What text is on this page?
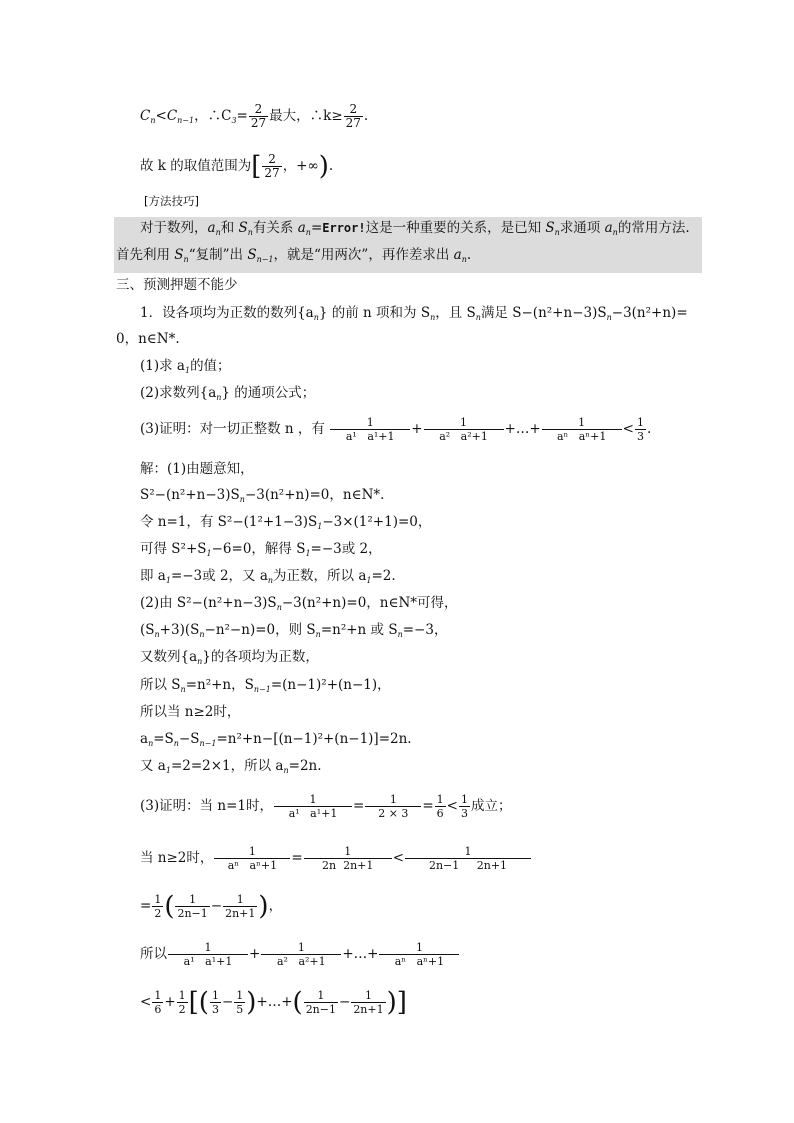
$C_n<C_{n-1}$，$\therefore C_3= \frac{2}{27}$ 最大，∴k≥ $\frac{2}{27}$ .
故 k 的取值范围为[ $\frac{2}{27}$ ，+∞).
[方法技巧]
对于数列，$a_n$和 $S_n$有关系 $a_n=Error$!这是一种重要的关系，是已知 $S_n$求通项 $a_n$的常用方法.
首先利用 $S_n“$复制”出 $S_{n-1}$，就是“用两次”，再作差求出 $a_n$.
三、预测押题不能少
1．设各项均为正数的数列$\{a_n\}$ 的前 n 项和为 $S_n$，且 $S_n$满足 $S-(n^2+n-3)S_n-3(n^2+n)=$
0，n∈N*.
(1)求 $a_1$的值；
(2)求数列$\{a_n\}$ 的通项公式；
(3)证明：对一切正整数 n ，有 $\frac{1}{\text{a¹ a¹+1}} + \frac{1}{\text{a² a²+1}}$ +…+ $\frac{1}{\text{aⁿ aⁿ+1}} < \frac{1}{3}$ .
解：(1)由题意知，
$S^2-(n^2+n-3)S_n-3(n^2+n)=0$，n∈N*.
令 n=1，有 $S^2-(1^2+1-3)S_1-3\times(1^2+1)=0$，
可得 $S^2+S_1-6=0$，解得 $S_1=-3$或 2，
即 $a_1=-3$或 2，又 $a_n$为正数，所以 $a_1=2$.
(2)由 $S^2-(n^2+n-3)S_n-3(n^2+n)=0$，n∈N*可得，
$(S_n+3)(S_n-n^2-n)=0$，则 $S_n=n^2+n$ 或 $S_n=-3$，
又数列$\{a_n\}$的各项均为正数，
所以 $S_n=n^2+n$，$S_{n-1}=(n-1)^2+(n-1)$，
所以当 n≥2时，
$a_n=S_n-S_{n-1}=n^2+n-[(n-1)^2+(n-1)]=2n$.
又 $a_1=2=2\times 1$，所以 $a_n=2n$.
(3)证明：当 n=1时， $\frac{1}{\text{a¹ a¹+1}} = \frac{1}{2 \times 3} = \frac{1}{6} < \frac{1}{3}$ 成立；
当 n≥2时， $\frac{1}{\text{aⁿ aⁿ+1}} = \frac{1}{2n 2n+1} < \frac{1}{2n-1 2n+1}$
= $\frac{1}{2}$ ( $\frac{1}{2n-1} - \frac{1}{2n+1}$ )，
所以 $\frac{1}{\text{a¹ a¹+1}} + \frac{1}{\text{a² a²+1}}$ +…+ $\frac{1}{\text{aⁿ aⁿ+1}}$
< $\frac{1}{6} + \frac{1}{2}$ [( $\frac{1}{3} - \frac{1}{5}$ )+…+( $\frac{1}{2n-1} - \frac{1}{2n+1}$ )]
